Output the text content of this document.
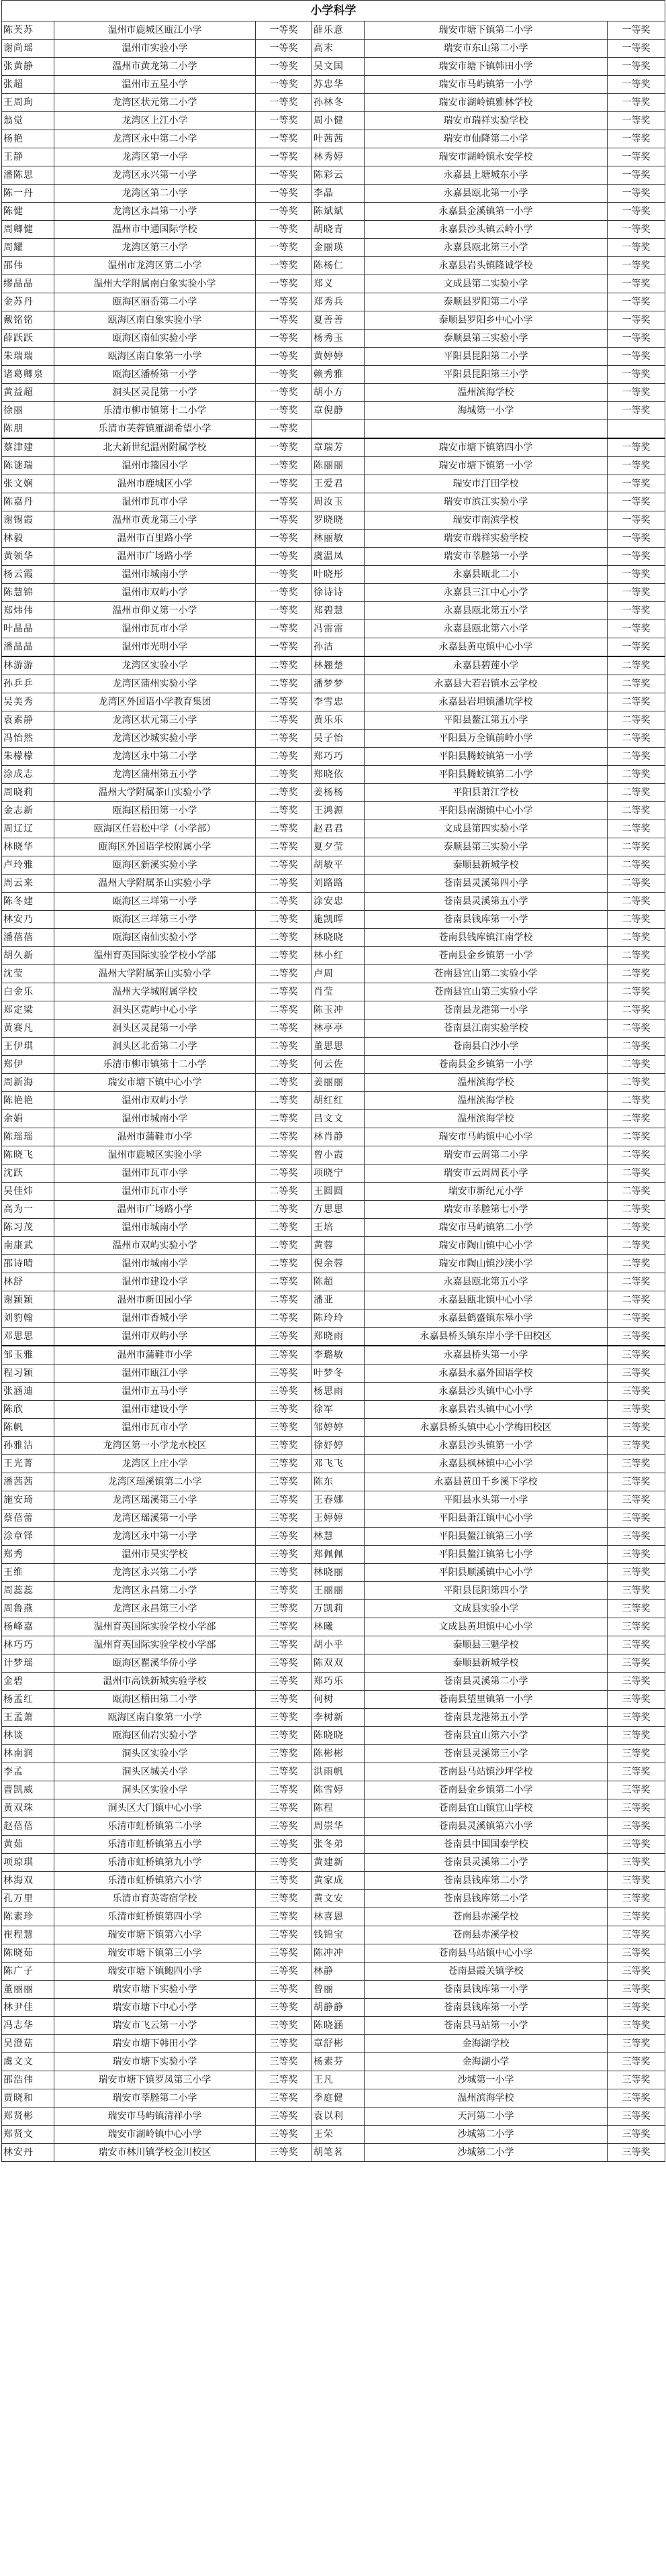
小学科学					
陈芙苏	温州市鹿城区瓯江小学	一等奖	薛乐意	瑞安市塘下镇第二小学	一等奖
谢尚瑶	温州市实验小学	一等奖	高末	瑞安市东山第二小学	一等奖
张黄静	温州市黄龙第二小学	一等奖	吴文国	瑞安市塘下镇韩田小学	一等奖
张超	温州市五星小学	一等奖	苏忠华	瑞安市马屿镇第一小学	一等奖
王周珣	龙湾区状元第二小学	一等奖	孙林冬	瑞安市湖岭镇雅林学校	一等奖
翁觉	龙湾区上江小学	一等奖	周小健	瑞安市瑞祥实验学校	一等奖
杨艳	龙湾区永中第二小学	一等奖	叶茜茜	瑞安市仙降第二小学	一等奖
王静	龙湾区第一小学	一等奖	林秀婷	瑞安市湖岭镇永安学校	一等奖
潘陈思	龙湾区永兴第一小学	一等奖	陈彩云	永嘉县上塘城东小学	一等奖
陈一丹	龙湾区第二小学	一等奖	李晶	永嘉县瓯北第一小学	一等奖
陈健	龙湾区永昌第一小学	一等奖	陈斌斌	永嘉县金溪镇第一小学	一等奖
周卿健	温州市中通国际学校	一等奖	胡晓青	永嘉县沙头镇云岭小学	一等奖
周耀	龙湾区第三小学	一等奖	金丽瑛	永嘉县瓯北第三小学	一等奖
邵伟	温州市龙湾区第二小学	一等奖	陈杨仁	永嘉县岩头镇隆诚学校	一等奖
缪晶晶	温州大学附属南白象实验小学	一等奖	郑义	文成县第二实验小学	一等奖
金苏丹	瓯海区丽岙第二小学	一等奖	郑秀兵	泰顺县罗阳第二小学	一等奖
戴铭铭	瓯海区南白象实验小学	一等奖	夏善善	泰顺县罗阳乡中心小学	一等奖
薛跃跃	瓯海区南仙实验小学	一等奖	杨秀玉	泰顺县第三实验小学	一等奖
朱瑞瑞	瓯海区南白象第一小学	一等奖	黄婷婷	平阳县昆阳第二小学	一等奖
诸葛卿泉	瓯海区潘桥第一小学	一等奖	赖秀雅	平阳县昆阳第三小学	一等奖
黄益超	洞头区灵昆第一小学	一等奖	胡小方	温州滨海学校	一等奖
徐丽	乐清市柳市镇第十二小学	一等奖	章倪静	海城第一小学	一等奖
陈朋	乐清市芙蓉镇雁湖希望小学	一等奖			
蔡津建	北大新世纪温州附属学校	一等奖	章瑞芳	瑞安市塘下镇第四小学	一等奖
陈谜瑞	温州市籀园小学	一等奖	陈丽丽	瑞安市塘下镇第一小学	一等奖
张文娴	温州市鹿城区小学	一等奖	王爱君	瑞安市汀田学校	一等奖
陈嘉丹	温州市瓦市小学	一等奖	周汝玉	瑞安市滨江实验小学	一等奖
谢锡霞	温州市黄龙第三小学	一等奖	罗晓晓	瑞安市南滨学校	一等奖
林毅	温州市百里路小学	一等奖	林丽敏	瑞安市瑞祥实验学校	一等奖
黄领华	温州市广场路小学	一等奖	虞温凤	瑞安市莘塍第一小学	一等奖
杨云霞	温州市城南小学	一等奖	叶晓彤	永嘉县瓯北二小	一等奖
陈慧锦	温州市双屿小学	一等奖	徐诗诗	永嘉县三江中心小学	一等奖
郑炜伟	温州市仰义第一小学	一等奖	郑碧慧	永嘉县瓯北第五小学	一等奖
叶晶晶	温州市瓦市小学	一等奖	冯雷雷	永嘉县瓯北第六小学	一等奖
潘晶晶	温州市光明小学	一等奖	孙洁	永嘉县黄屯镇中心小学	一等奖
林游游	龙湾区实验小学	二等奖	林翘楚	永嘉县碧莲小学	二等奖
孙乒乒	龙湾区蒲州实验小学	二等奖	潘梦梦	永嘉县大若岩镇水云学校	二等奖
吴美秀	龙湾区外国语小学教育集团	二等奖	李雪忠	永嘉县岩坦镇潘坑学校	二等奖
袁素静	龙湾区状元第三小学	二等奖	黄乐乐	平阳县鳌江第五小学	二等奖
冯怡然	龙湾区沙城实验小学	二等奖	吴子怡	平阳县万全镇前岭小学	二等奖
朱檬檬	龙湾区永中第二小学	二等奖	郑巧巧	平阳县腾蛟镇第一小学	二等奖
涂成志	龙湾区蒲州第五小学	二等奖	郑晓依	平阳县腾蛟镇第二小学	二等奖
周晓莉	温州大学附属茶山实验小学	二等奖	姜杨杨	平阳县萧江学校	二等奖
金志新	瓯海区梧田第一小学	二等奖	王鸿源	平阳县南湖镇中心小学	二等奖
周辽辽	瓯海区任岩松中学（小学部）	二等奖	赵君君	文成县第四实验小学	二等奖
林晓华	瓯海区外国语学校附属小学	二等奖	夏夕莹	泰顺县第三实验小学	二等奖
卢玲雅	瓯海区新溪实验小学	二等奖	胡敏平	泰顺县新城学校	二等奖
周云来	温州大学附属茶山实验小学	二等奖	刘路路	苍南县灵溪第四小学	二等奖
陈冬建	瓯海区三垟第一小学	二等奖	涂安忠	苍南县灵溪第五小学	二等奖
林安乃	瓯海区三垟第三小学	二等奖	施凯晖	苍南县钱库第一小学	二等奖
潘蓓蓓	瓯海区南仙实验小学	二等奖	林晓晓	苍南县钱库镇江南学校	二等奖
胡久新	温州育英国际实验学校小学部	二等奖	林小红	苍南县金乡镇第一小学	二等奖
沈莹	温州大学附属茶山实验小学	二等奖	卢周	苍南县宜山第二实验小学	二等奖
白金乐	温州大学城附属学校	二等奖	肖莹	苍南县宜山第三实验小学	二等奖
郑定梁	洞头区霓屿中心小学	二等奖	陈玉冲	苍南县龙港第一小学	二等奖
黄赛凡	洞头区灵昆第一小学	二等奖	林亭亭	苍南县江南实验学校	二等奖
王伊琪	洞头区北岙第二小学	二等奖	董思思	苍南县白沙小学	二等奖
郑伊	乐清市柳市镇第十二小学	二等奖	何云佐	苍南县金乡镇第一小学	二等奖
周新海	瑞安市塘下镇中心小学	二等奖	姜丽丽	温州滨海学校	二等奖
陈艳艳	温州市双屿小学	二等奖	胡红红	温州滨海学校	二等奖
余娟	温州市城南小学	二等奖	吕文文	温州滨海学校	二等奖
陈瑶瑶	温州市蒲鞋市小学	二等奖	林肖静	瑞安市马屿镇中心小学	二等奖
陈晓飞	温州市鹿城区实验小学	二等奖	曾小霞	瑞安市云周第二小学	二等奖
沈跃	温州市瓦市小学	二等奖	项晓宁	瑞安市云周周苌小学	二等奖
吴佳炜	温州市瓦市小学	二等奖	王圆圆	瑞安市新纪元小学	二等奖
高为一	温州市广场路小学	二等奖	方思思	瑞安市莘塍第七小学	二等奖
陈习茂	温州市城南小学	二等奖	王培	瑞安市马屿镇第二小学	二等奖
南康武	温州市双屿实验小学	二等奖	黄蓉	瑞安市陶山镇中心小学	二等奖
邵诗晴	温州市城南小学	二等奖	倪余蓉	瑞安市陶山镇沙渎小学	二等奖
林舒	温州市建设小学	二等奖	陈超	永嘉县瓯北第五小学	二等奖
谢颖颖	温州市新田园小学	二等奖	潘亚	永嘉县瓯北镇中心小学	二等奖
刘豹翰	温州市香城小学	二等奖	陈玲玲	永嘉县鹤盛镇东皋小学	二等奖
邓思思	温州市双屿小学	三等奖	郑晓雨	永嘉县桥头镇东岸小学千田校区	三等奖
邹玉雅	温州市蒲鞋市小学	三等奖	李璐敏	永嘉县桥头第一小学	三等奖
程习颖	温州市瓯江小学	三等奖	叶梦冬	永嘉县永嘉外国语学校	三等奖
张涵迪	温州市五马小学	三等奖	杨思雨	永嘉县沙头镇中心小学	三等奖
陈欣	温州市建设小学	三等奖	徐军	永嘉县岩头镇中心小学	三等奖
陈帆	温州市瓦市小学	三等奖	邹婷婷	永嘉县桥头镇中心小学梅田校区	三等奖
孙雅洁	龙湾区第一小学龙水校区	三等奖	徐妤婷	永嘉县沙头镇第一小学	三等奖
王光菁	龙湾区上庄小学	三等奖	邓飞飞	永嘉县枫林镇中心小学	三等奖
潘茜茜	龙湾区瑶溪镇第二小学	三等奖	陈东	永嘉县黄田千乡溪下学校	三等奖
施安琦	龙湾区瑶溪第三小学	三等奖	王春娜	平阳县水头第一小学	三等奖
蔡蓓蕾	龙湾区瑶溪第一小学	三等奖	王婷婷	平阳县萧江镇中心小学	三等奖
涂章铎	龙湾区永中第一小学	三等奖	林慧	平阳县鳌江镇第三小学	三等奖
郑秀	温州市昊实学校	三等奖	郑佩佩	平阳县鳌江镇第七小学	三等奖
王维	龙湾区永兴第二小学	三等奖	林晓丽	平阳县顺溪镇中心小学	三等奖
周蕊蕊	龙湾区永昌第二小学	三等奖	王丽丽	平阳县昆阳第四小学	三等奖
周鲁燕	龙湾区永昌第三小学	三等奖	万凯莉	文成县实验小学	三等奖
杨峰嘉	温州育英国际实验学校小学部	三等奖	林曦	文成县黄坦镇中心小学	三等奖
林巧巧	温州育英国际实验学校小学部	三等奖	胡小乎	泰顺县三魁学校	三等奖
计梦瑶	瓯海区瞿溪华侨小学	三等奖	陈双双	泰顺县新城学校	三等奖
金碧	温州市高铁新城实验学校	三等奖	郑巧乐	苍南县灵溪第二小学	三等奖
杨孟红	瓯海区梧田第二小学	三等奖	何树	苍南县望里镇第一小学	三等奖
王孟萧	瓯海区南白象第一小学	三等奖	李树新	苍南县龙港第五小学	三等奖
林谈	瓯海区仙岩实验小学	三等奖	陈晓晓	苍南县宜山第六小学	三等奖
林南润	洞头区实验小学	三等奖	陈彬彬	苍南县灵溪第三小学	三等奖
李孟	洞头区城关小学	三等奖	洪雨帆	苍南县马站镇沙坪学校	三等奖
曹凯威	洞头区实验小学	三等奖	陈雪婷	苍南县金乡镇第二小学	三等奖
黄双珠	洞头区大门镇中心小学	三等奖	陈程	苍南县宜山镇宜山学校	三等奖
赵蓓蓓	乐清市虹桥镇第二小学	三等奖	周崇华	苍南县灵溪镇第六小学	三等奖
黄茹	乐清市虹桥镇第五小学	三等奖	张冬弟	苍南县中国国泰学校	三等奖
项琼琪	乐清市虹桥镇第九小学	三等奖	黄建新	苍南县灵溪第二小学	三等奖
林海双	乐清市虹桥镇第六小学	三等奖	黄家成	苍南县钱库第二小学	三等奖
孔万里	乐清市育英寄宿学校	三等奖	黄文安	苍南县钱库第二小学	三等奖
陈素珍	乐清市虹桥镇第四小学	三等奖	林喜恩	苍南县赤溪学校	三等奖
崔程慧	瑞安市塘下镇第六小学	三等奖	钱锦宝	苍南县赤溪学校	三等奖
陈晓茹	瑞安市塘下镇第三小学	三等奖	陈冲冲	苍南县马站镇中心小学	三等奖
陈广子	瑞安市塘下镇鲍四小学	三等奖	林静	苍南县霞关镇学校	三等奖
董丽丽	瑞安市塘下实验小学	三等奖	曾丽	苍南县钱库第一小学	三等奖
林尹佳	瑞安市塘下中心小学	三等奖	胡静静	苍南县钱库第一小学	三等奖
冯志华	瑞安市飞云第一小学	三等奖	陈晓涵	苍南县马站第一小学	三等奖
吴澄菇	瑞安市塘下韩田小学	三等奖	章舒彬	金海湖学校	三等奖
虞文文	瑞安市塘下实验小学	三等奖	杨素芬	金海湖小学	三等奖
邵浩伟	瑞安市塘下镇罗凤第三小学	三等奖	王凡	沙城第一小学	三等奖
贾晓和	瑞安市莘塍第二小学	三等奖	季庭健	温州滨海学校	三等奖
郑贤彬	瑞安市马屿镇清祥小学	三等奖	袁以利	天河第二小学	三等奖
郑贤文	瑞安市湖岭镇中心小学	三等奖	王荣	沙城第二小学	三等奖
林安丹	瑞安市林川镇学校金川校区	三等奖	胡笔茗	沙城第二小学	三等奖
